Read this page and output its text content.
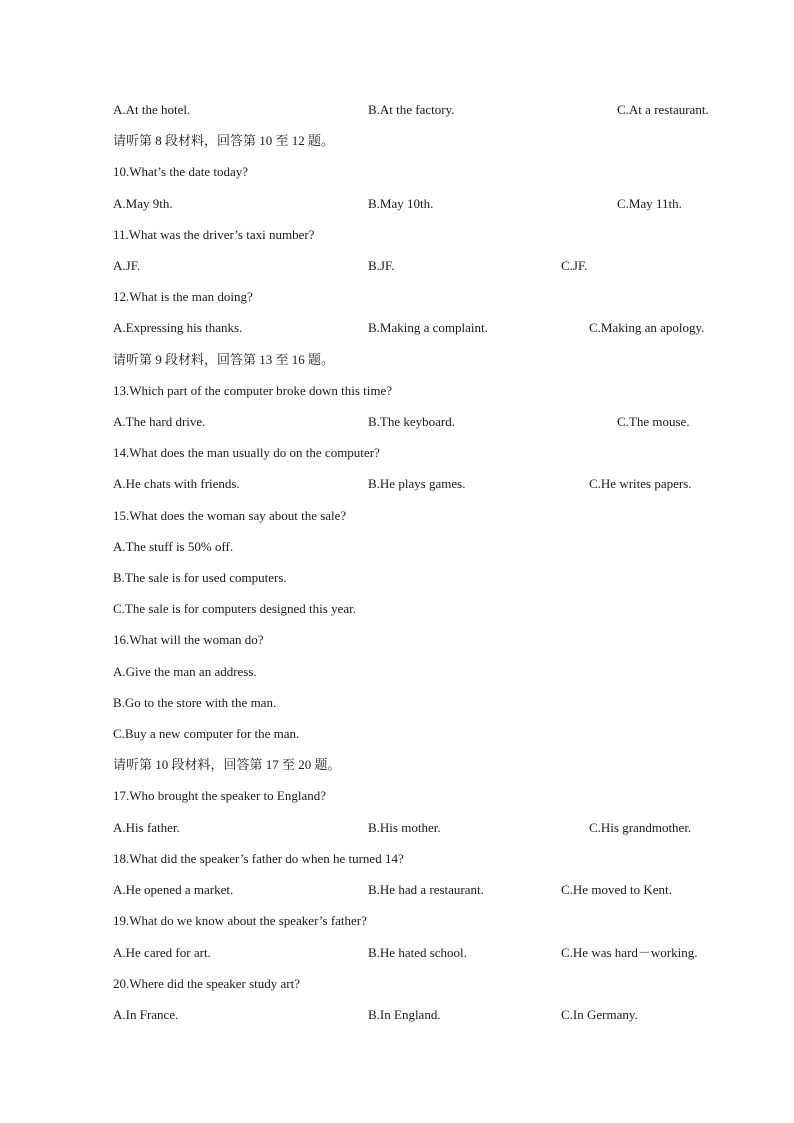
A.At the hotel.	B.At the factory.	C.At a restaurant.
请听第 8 段材料，回答第 10 至 12 题。
10.What’s the date today?
A.May 9th.	B.May 10th.	C.May 11th.
11.What was the driver’s taxi number?
A.JF.	B.JF.	C.JF.
12.What is the man doing?
A.Expressing his thanks.	B.Making a complaint.	C.Making an apology.
请听第 9 段材料，回答第 13 至 16 题。
13.Which part of the computer broke down this time?
A.The hard drive.	B.The keyboard.	C.The mouse.
14.What does the man usually do on the computer?
A.He chats with friends.	B.He plays games.	C.He writes papers.
15.What does the woman say about the sale?
A.The stuff is 50% off.
B.The sale is for used computers.
C.The sale is for computers designed this year.
16.What will the woman do?
A.Give the man an address.
B.Go to the store with the man.
C.Buy a new computer for the man.
请听第 10 段材料，回答第 17 至 20 题。
17.Who brought the speaker to England?
A.His father.	B.His mother.	C.His grandmother.
18.What did the speaker’s father do when he turned 14?
A.He opened a market.	B.He had a restaurant.	C.He moved to Kent.
19.What do we know about the speaker’s father?
A.He cared for art.	B.He hated school.	C.He was hard－working.
20.Where did the speaker study art?
A.In France.	B.In England.	C.In Germany.
